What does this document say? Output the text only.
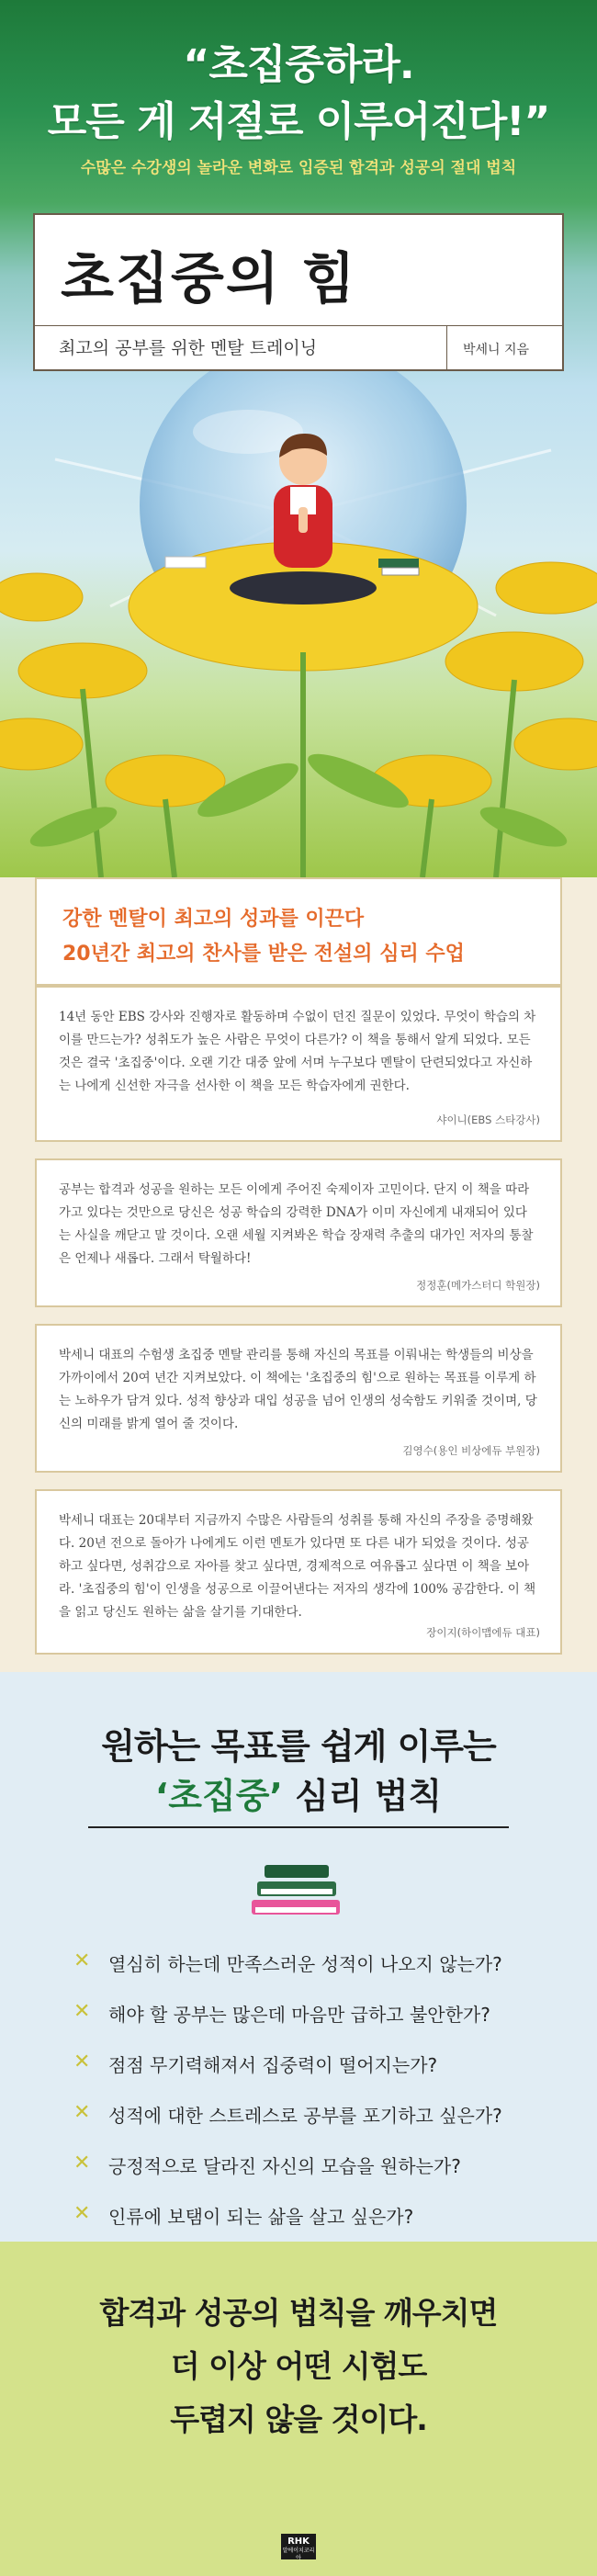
“초집중하라.
모든 게 저절로 이루어진다!”
수많은 수강생의 놀라운 변화로 입증된 합격과 성공의 절대 법칙
초집중의 힘
최고의 공부를 위한 멘탈 트레이닝	박세니 지음
강한 멘탈이 최고의 성과를 이끈다
20년간 최고의 찬사를 받은 전설의 심리 수업
14년 동안 EBS 강사와 진행자로 활동하며 수없이 던진 질문이 있었다. 무엇이 학습의 차이를 만드는가? 성취도가 높은 사람은 무엇이 다른가? 이 책을 통해서 알게 되었다. 모든 것은 결국 '초집중'이다. 오랜 기간 대중 앞에 서며 누구보다 멘탈이 단련되었다고 자신하는 나에게 신선한 자극을 선사한 이 책을 모든 학습자에게 권한다.
샤이니(EBS 스타강사)
공부는 합격과 성공을 원하는 모든 이에게 주어진 숙제이자 고민이다. 단지 이 책을 따라가고 있다는 것만으로 당신은 성공 학습의 강력한 DNA가 이미 자신에게 내재되어 있다는 사실을 깨닫고 말 것이다. 오랜 세월 지켜봐온 학습 장재력 추출의 대가인 저자의 통찰은 언제나 새롭다. 그래서 탁월하다!
정정훈(메가스터디 학원장)
박세니 대표의 수험생 초집중 멘탈 관리를 통해 자신의 목표를 이뤄내는 학생들의 비상을 가까이에서 20여 년간 지켜보았다. 이 책에는 '초집중의 힘'으로 원하는 목표를 이루게 하는 노하우가 담겨 있다. 성적 향상과 대입 성공을 넘어 인생의 성숙함도 키워줄 것이며, 당신의 미래를 밝게 열어 줄 것이다.
김영수(용인 비상에듀 부원장)
박세니 대표는 20대부터 지금까지 수많은 사람들의 성취를 통해 자신의 주장을 증명해왔다. 20년 전으로 돌아가 나에게도 이런 멘토가 있다면 또 다른 내가 되었을 것이다. 성공하고 싶다면, 성취감으로 자아를 찾고 싶다면, 경제적으로 여유롭고 싶다면 이 책을 보아라. '초집중의 힘'이 인생을 성공으로 이끌어낸다는 저자의 생각에 100% 공감한다. 이 책을 읽고 당신도 원하는 삶을 살기를 기대한다.
장이지(하이맵에듀 대표)
원하는 목표를 쉽게 이루는
‘초집중’ 심리 법칙
✕ 열심히 하는데 만족스러운 성적이 나오지 않는가?
✕ 해야 할 공부는 많은데 마음만 급하고 불안한가?
✕ 점점 무기력해져서 집중력이 떨어지는가?
✕ 성적에 대한 스트레스로 공부를 포기하고 싶은가?
✕ 긍정적으로 달라진 자신의 모습을 원하는가?
✕ 인류에 보탬이 되는 삶을 살고 싶은가?
합격과 성공의 법칙을 깨우치면
더 이상 어떤 시험도
두렵지 않을 것이다.
RHK
알에이치코리아
